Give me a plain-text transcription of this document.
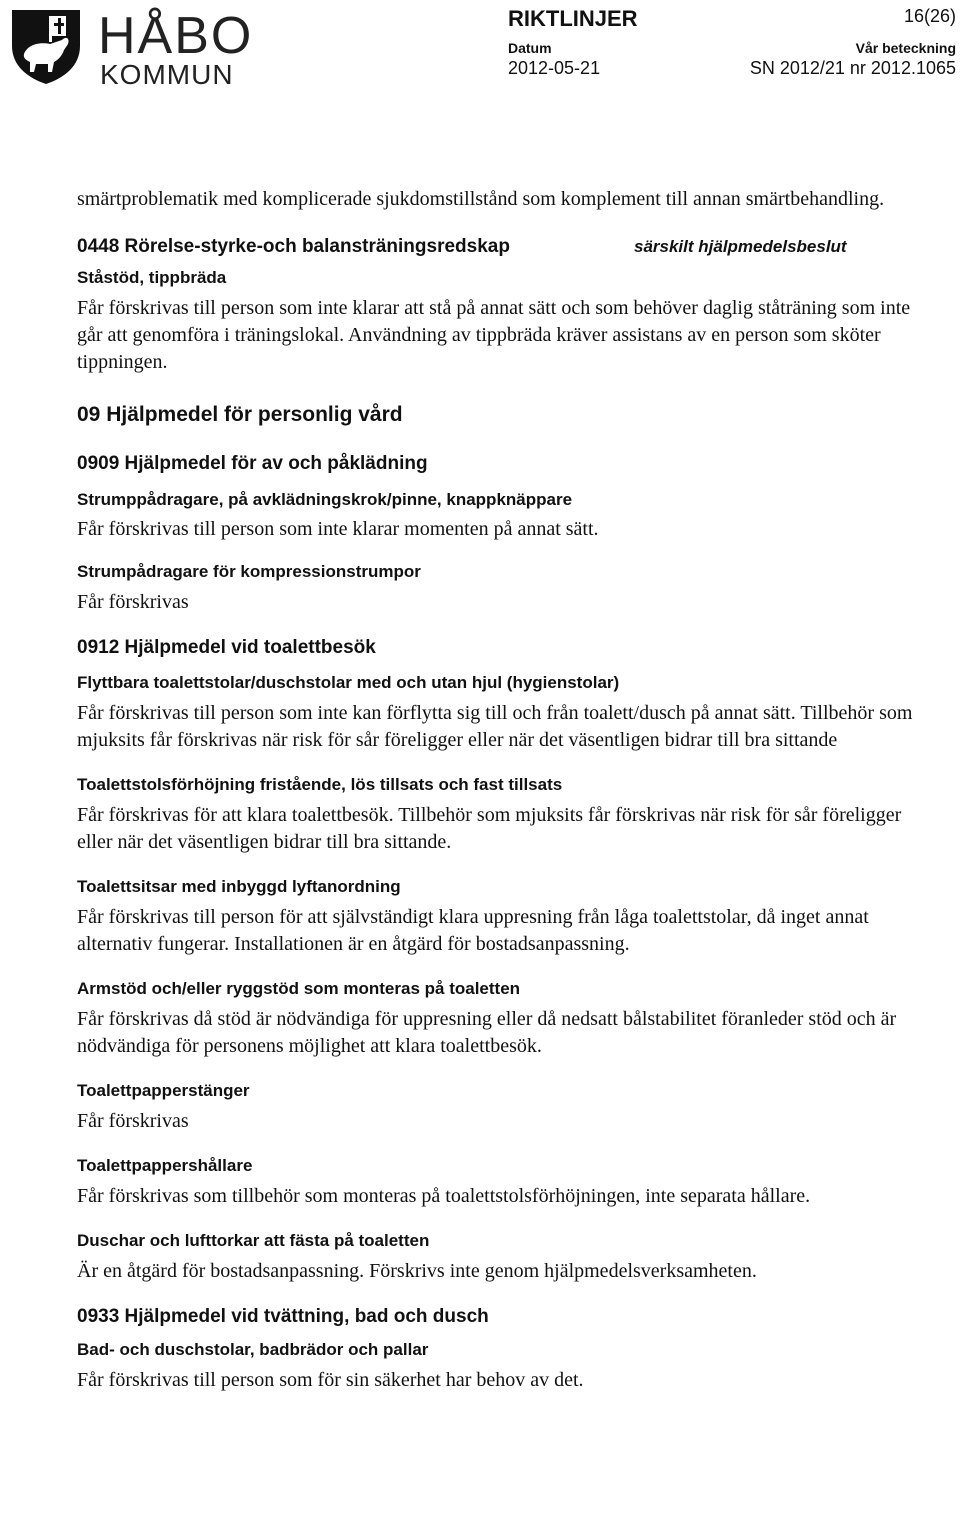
HÅBO
KOMMUN
RIKTLINJER	16(26)
Datum
2012-05-21
Vår beteckning
SN 2012/21 nr 2012.1065

smärtproblematik med komplicerade sjukdomstillstånd som komplement till annan smärtbehandling.

0448 Rörelse-styrke-och balansträningsredskap	särskilt hjälpmedelsbeslut
Ståstöd, tippbräda

Får förskrivas till person som inte klarar att stå på annat sätt och som behöver daglig ståträning som inte går att genomföra i träningslokal. Användning av tippbräda kräver assistans av en person som sköter tippningen.

09 Hjälpmedel för personlig vård
0909 Hjälpmedel för av och påklädning
Strumppådragare, på avklädningskrok/pinne, knappknäppare

Får förskrivas till person som inte klarar momenten på annat sätt.

Strumpådragare för kompressionstrumpor

Får förskrivas

0912 Hjälpmedel vid toalettbesök
Flyttbara toalettstolar/duschstolar med och utan hjul (hygienstolar)

Får förskrivas till person som inte kan förflytta sig till och från toalett/dusch på annat sätt. Tillbehör som mjuksits får förskrivas när risk för sår föreligger eller när det väsentligen bidrar till bra sittande

Toalettstolsförhöjning fristående, lös tillsats och fast tillsats

Får förskrivas för att klara toalettbesök. Tillbehör som mjuksits får förskrivas när risk för sår föreligger eller när det väsentligen bidrar till bra sittande.

Toalettsitsar med inbyggd lyftanordning

Får förskrivas till person för att självständigt klara uppresning från låga toalettstolar, då inget annat alternativ fungerar. Installationen är en åtgärd för bostadsanpassning.

Armstöd och/eller ryggstöd som monteras på toaletten

Får förskrivas då stöd är nödvändiga för uppresning eller då nedsatt bålstabilitet föranleder stöd och är nödvändiga för personens möjlighet att klara toalettbesök.

Toalettpapperstänger

Får förskrivas

Toalettpappershållare

Får förskrivas som tillbehör som monteras på toalettstolsförhöjningen, inte separata hållare.

Duschar och lufttorkar att fästa på toaletten

Är en åtgärd för bostadsanpassning. Förskrivs inte genom hjälpmedelsverksamheten.

0933 Hjälpmedel vid tvättning, bad och dusch
Bad- och duschstolar, badbrädor och pallar

Får förskrivas till person som för sin säkerhet har behov av det.
